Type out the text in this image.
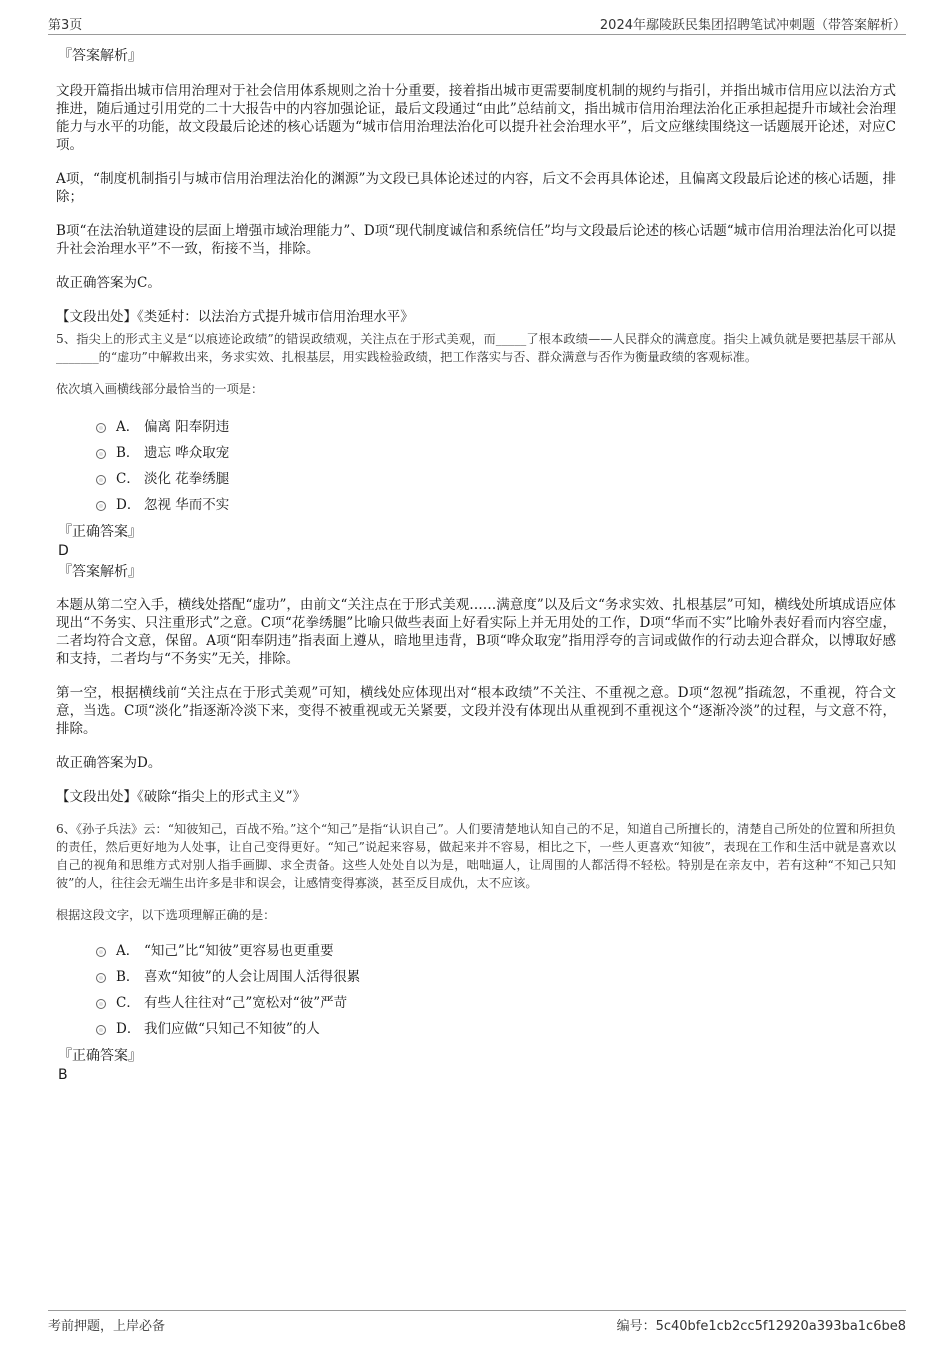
第3页	2024年鄢陵跃民集团招聘笔试冲刺题（带答案解析）
『答案解析』

文段开篇指出城市信用治理对于社会信用体系规则之治十分重要，接着指出城市更需要制度机制的规约与指引，并指出城市信用应以法治方式推进，随后通过引用党的二十大报告中的内容加强论证，最后文段通过“由此”总结前文，指出城市信用治理法治化正承担起提升市域社会治理能力与水平的功能，故文段最后论述的核心话题为“城市信用治理法治化可以提升社会治理水平”，后文应继续围绕这一话题展开论述，对应C项。

A项，“制度机制指引与城市信用治理法治化的渊源”为文段已具体论述过的内容，后文不会再具体论述，且偏离文段最后论述的核心话题，排除；

B项“在法治轨道建设的层面上增强市域治理能力”、D项“现代制度诚信和系统信任”均与文段最后论述的核心话题“城市信用治理法治化可以提升社会治理水平”不一致，衔接不当，排除。

故正确答案为C。

【文段出处】《类延村：以法治方式提升城市信用治理水平》

5、指尖上的形式主义是“以痕迹论政绩”的错误政绩观，关注点在于形式美观，而_____了根本政绩——人民群众的满意度。指尖上减负就是要把基层干部从_______的“虚功”中解救出来，务求实效、扎根基层，用实践检验政绩，把工作落实与否、群众满意与否作为衡量政绩的客观标准。

依次填入画横线部分最恰当的一项是：

A． 偏离 阳奉阴违
B． 遗忘 哗众取宠
C． 淡化 花拳绣腿
D． 忽视 华而不实
『正确答案』
D
『答案解析』

本题从第二空入手，横线处搭配“虚功”，由前文“关注点在于形式美观……满意度”以及后文“务求实效、扎根基层”可知，横线处所填成语应体现出“不务实、只注重形式”之意。C项“花拳绣腿”比喻只做些表面上好看实际上并无用处的工作，D项“华而不实”比喻外表好看而内容空虚，二者均符合文意，保留。A项“阳奉阴违”指表面上遵从，暗地里违背，B项“哗众取宠”指用浮夸的言词或做作的行动去迎合群众，以博取好感和支持，二者均与“不务实”无关，排除。

第一空，根据横线前“关注点在于形式美观”可知，横线处应体现出对“根本政绩”不关注、不重视之意。D项“忽视”指疏忽，不重视，符合文意，当选。C项“淡化”指逐渐冷淡下来，变得不被重视或无关紧要，文段并没有体现出从重视到不重视这个“逐渐冷淡”的过程，与文意不符，排除。

故正确答案为D。

【文段出处】《破除“指尖上的形式主义”》

6、《孙子兵法》云：“知彼知己，百战不殆。”这个“知己”是指“认识自己”。人们要清楚地认知自己的不足，知道自己所擅长的，清楚自己所处的位置和所担负的责任，然后更好地为人处事，让自己变得更好。“知己”说起来容易，做起来并不容易，相比之下，一些人更喜欢“知彼”，表现在工作和生活中就是喜欢以自己的视角和思维方式对别人指手画脚、求全责备。这些人处处自以为是，咄咄逼人，让周围的人都活得不轻松。特别是在亲友中，若有这种“不知己只知彼”的人，往往会无端生出许多是非和误会，让感情变得寡淡，甚至反目成仇，太不应该。

根据这段文字，以下选项理解正确的是：

A． “知己”比“知彼”更容易也更重要
B． 喜欢“知彼”的人会让周围人活得很累
C． 有些人往往对“己”宽松对“彼”严苛
D． 我们应做“只知己不知彼”的人
『正确答案』
B
考前押题，上岸必备	编号：5c40bfe1cb2cc5f12920a393ba1c6be8
